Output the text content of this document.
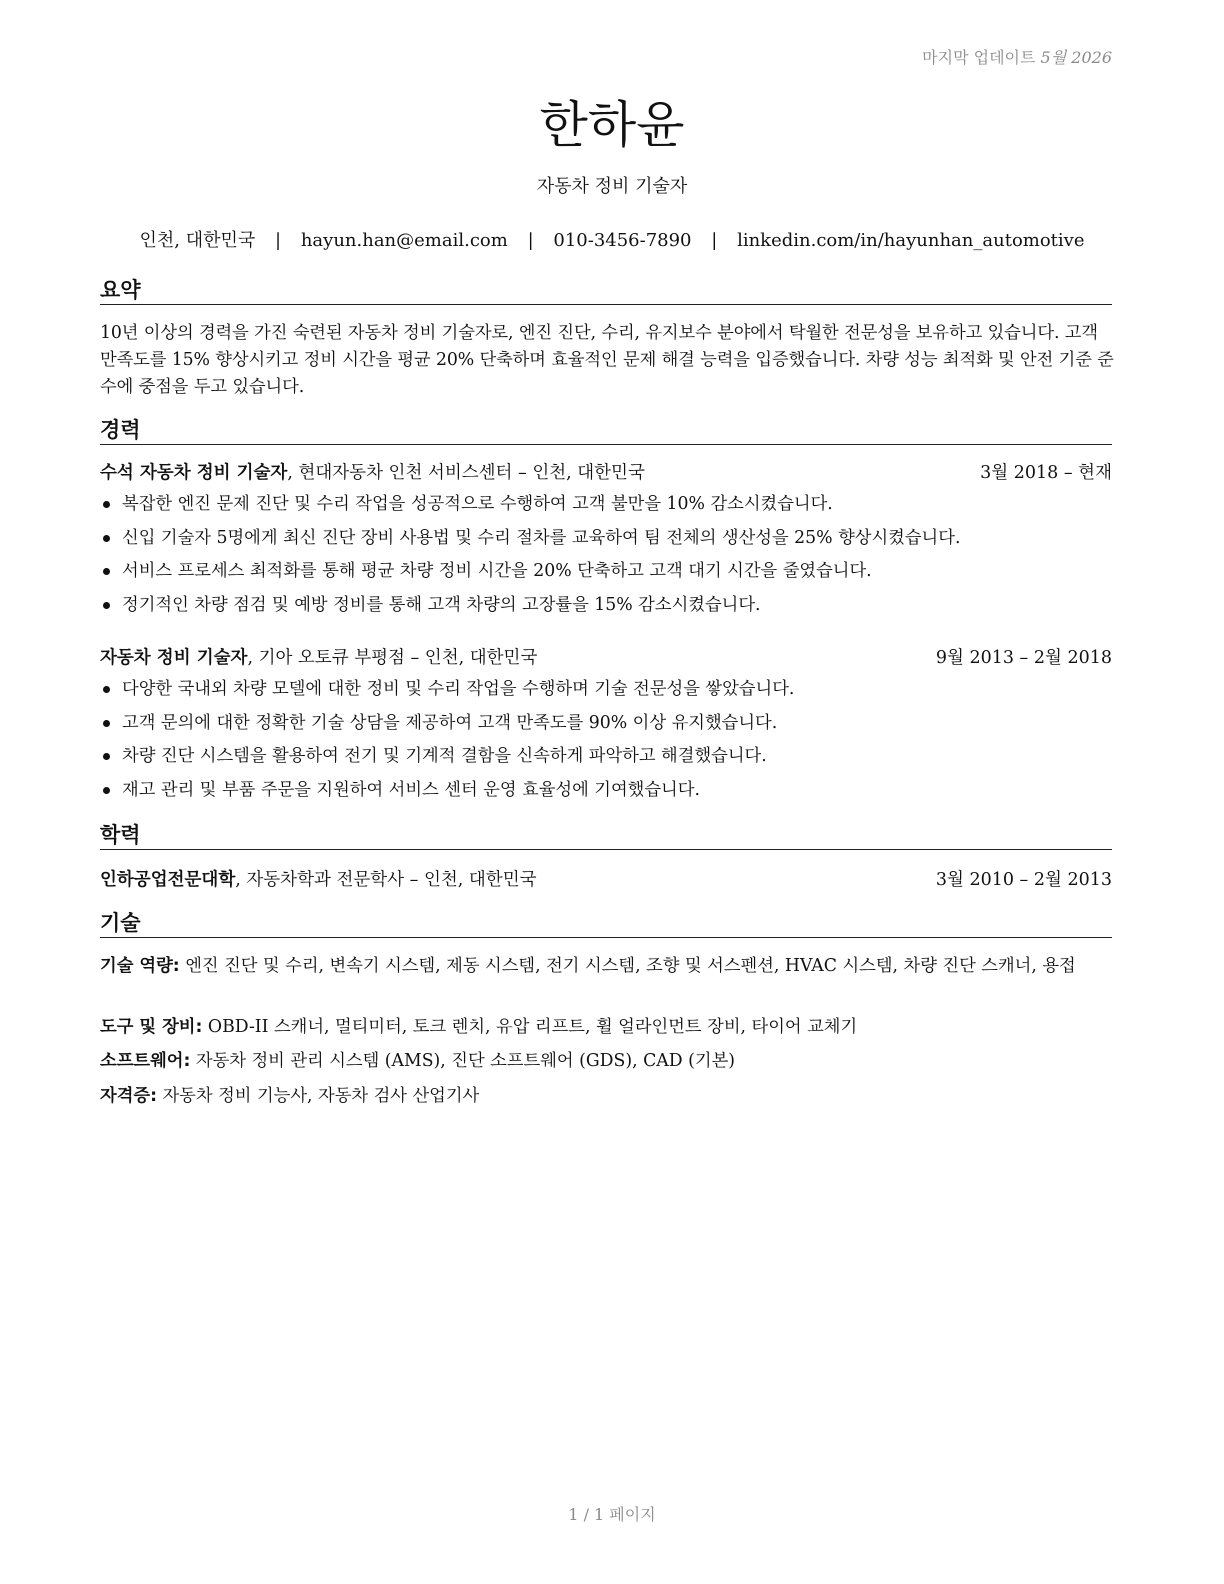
마지막 업데이트 5월 2026
한하윤
자동차 정비 기술자
인천, 대한민국 | hayun.han@email.com | 010-3456-7890 | linkedin.com/in/hayunhan_automotive
요약

10년 이상의 경력을 가진 숙련된 자동차 정비 기술자로, 엔진 진단, 수리, 유지보수 분야에서 탁월한 전문성을 보유하고 있습니다. 고객 만족도를 15% 향상시키고 정비 시간을 평균 20% 단축하며 효율적인 문제 해결 능력을 입증했습니다. 차량 성능 최적화 및 안전 기준 준수에 중점을 두고 있습니다.

경력
수석 자동차 정비 기술자, 현대자동차 인천 서비스센터 – 인천, 대한민국	3월 2018 – 현재
복잡한 엔진 문제 진단 및 수리 작업을 성공적으로 수행하여 고객 불만을 10% 감소시켰습니다.
신입 기술자 5명에게 최신 진단 장비 사용법 및 수리 절차를 교육하여 팀 전체의 생산성을 25% 향상시켰습니다.
서비스 프로세스 최적화를 통해 평균 차량 정비 시간을 20% 단축하고 고객 대기 시간을 줄였습니다.
정기적인 차량 점검 및 예방 정비를 통해 고객 차량의 고장률을 15% 감소시켰습니다.
자동차 정비 기술자, 기아 오토큐 부평점 – 인천, 대한민국	9월 2013 – 2월 2018
다양한 국내외 차량 모델에 대한 정비 및 수리 작업을 수행하며 기술 전문성을 쌓았습니다.
고객 문의에 대한 정확한 기술 상담을 제공하여 고객 만족도를 90% 이상 유지했습니다.
차량 진단 시스템을 활용하여 전기 및 기계적 결함을 신속하게 파악하고 해결했습니다.
재고 관리 및 부품 주문을 지원하여 서비스 센터 운영 효율성에 기여했습니다.
학력
인하공업전문대학, 자동차학과 전문학사 – 인천, 대한민국	3월 2010 – 2월 2013
기술
기술 역량: 엔진 진단 및 수리, 변속기 시스템, 제동 시스템, 전기 시스템, 조향 및 서스펜션, HVAC 시스템, 차량 진단 스캐너, 용접
도구 및 장비: OBD-II 스캐너, 멀티미터, 토크 렌치, 유압 리프트, 휠 얼라인먼트 장비, 타이어 교체기
소프트웨어: 자동차 정비 관리 시스템 (AMS), 진단 소프트웨어 (GDS), CAD (기본)
자격증: 자동차 정비 기능사, 자동차 검사 산업기사
1 / 1 페이지
